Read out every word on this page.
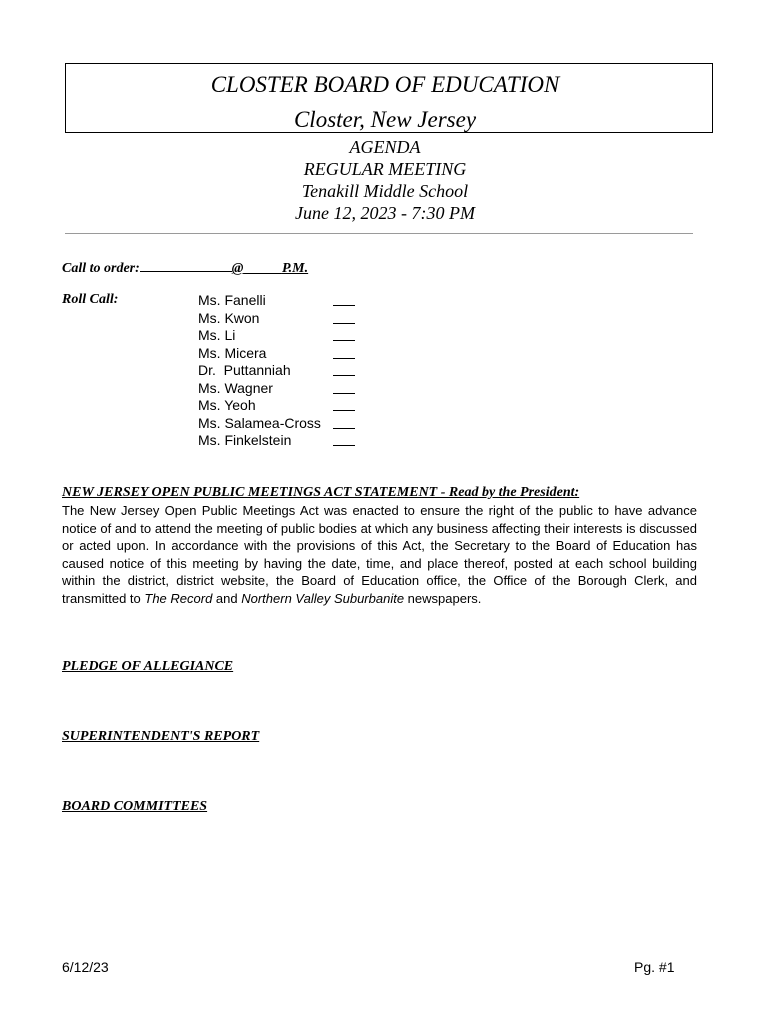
CLOSTER BOARD OF EDUCATION
Closter, New Jersey
AGENDA
REGULAR MEETING
Tenakill Middle School
June 12, 2023 - 7:30 PM
Call to order:	@	P.M.
Roll Call:	Ms. Fanelli
Ms. Kwon
Ms. Li
Ms. Micera
Dr.  Puttanniah
Ms. Wagner
Ms. Yeoh
Ms. Salamea-Cross
Ms. Finkelstein
NEW JERSEY OPEN PUBLIC MEETINGS ACT STATEMENT - Read by the President:
The New Jersey Open Public Meetings Act was enacted to ensure the right of the public to have advance notice of and to attend the meeting of public bodies at which any business affecting their interests is discussed or acted upon. In accordance with the provisions of this Act, the Secretary to the Board of Education has caused notice of this meeting by having the date, time, and place thereof, posted at each school building within the district, district website, the Board of Education office, the Office of the Borough Clerk, and transmitted to The Record and Northern Valley Suburbanite newspapers.
PLEDGE OF ALLEGIANCE
SUPERINTENDENT'S REPORT
BOARD COMMITTEES
6/12/23	Pg. #1
